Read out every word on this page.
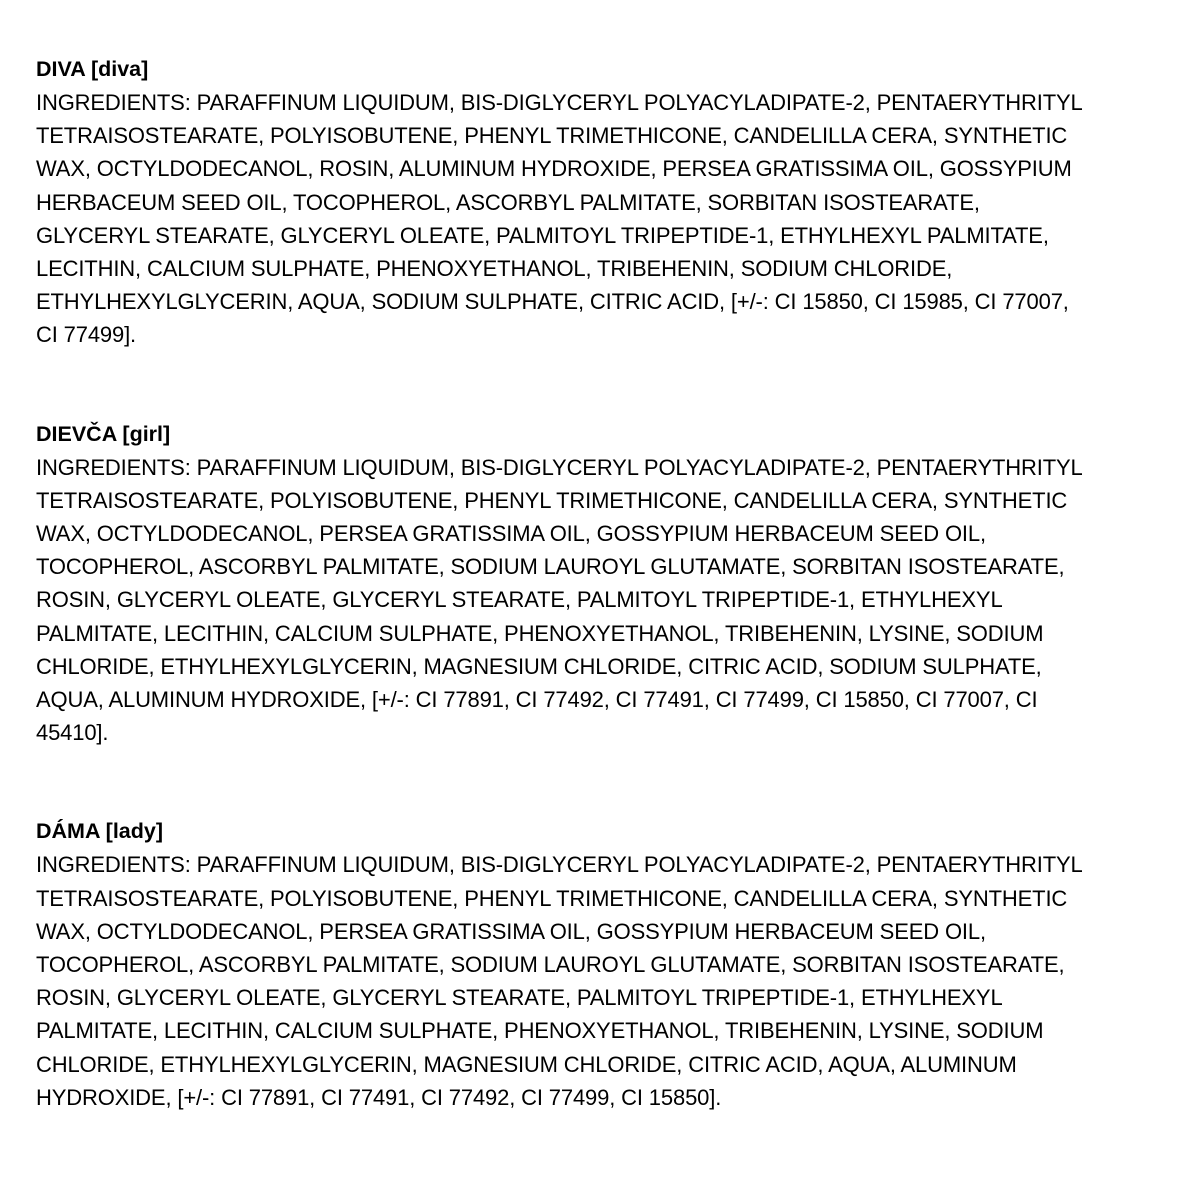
DIVA [diva]

INGREDIENTS: PARAFFINUM LIQUIDUM, BIS-DIGLYCERYL POLYACYLADIPATE-2, PENTAERYTHRITYL

TETRAISOSTEARATE, POLYISOBUTENE, PHENYL TRIMETHICONE, CANDELILLA CERA, SYNTHETIC

WAX, OCTYLDODECANOL, ROSIN, ALUMINUM HYDROXIDE, PERSEA GRATISSIMA OIL, GOSSYPIUM

HERBACEUM SEED OIL, TOCOPHEROL, ASCORBYL PALMITATE, SORBITAN ISOSTEARATE,

GLYCERYL STEARATE, GLYCERYL OLEATE, PALMITOYL TRIPEPTIDE-1, ETHYLHEXYL PALMITATE,

LECITHIN, CALCIUM SULPHATE, PHENOXYETHANOL, TRIBEHENIN, SODIUM CHLORIDE,

ETHYLHEXYLGLYCERIN, AQUA, SODIUM SULPHATE, CITRIC ACID, [+/-: CI 15850, CI 15985, CI 77007,

CI 77499].

DIEVČA [girl]

INGREDIENTS: PARAFFINUM LIQUIDUM, BIS-DIGLYCERYL POLYACYLADIPATE-2, PENTAERYTHRITYL

TETRAISOSTEARATE, POLYISOBUTENE, PHENYL TRIMETHICONE, CANDELILLA CERA, SYNTHETIC

WAX, OCTYLDODECANOL, PERSEA GRATISSIMA OIL, GOSSYPIUM HERBACEUM SEED OIL,

TOCOPHEROL, ASCORBYL PALMITATE, SODIUM LAUROYL GLUTAMATE, SORBITAN ISOSTEARATE,

ROSIN, GLYCERYL OLEATE, GLYCERYL STEARATE, PALMITOYL TRIPEPTIDE-1, ETHYLHEXYL

PALMITATE, LECITHIN, CALCIUM SULPHATE, PHENOXYETHANOL, TRIBEHENIN, LYSINE, SODIUM

CHLORIDE, ETHYLHEXYLGLYCERIN, MAGNESIUM CHLORIDE, CITRIC ACID, SODIUM SULPHATE,

AQUA, ALUMINUM HYDROXIDE, [+/-: CI 77891, CI 77492, CI 77491, CI 77499, CI 15850, CI 77007, CI

45410].

DÁMA [lady]

INGREDIENTS: PARAFFINUM LIQUIDUM, BIS-DIGLYCERYL POLYACYLADIPATE-2, PENTAERYTHRITYL

TETRAISOSTEARATE, POLYISOBUTENE, PHENYL TRIMETHICONE, CANDELILLA CERA, SYNTHETIC

WAX, OCTYLDODECANOL, PERSEA GRATISSIMA OIL, GOSSYPIUM HERBACEUM SEED OIL,

TOCOPHEROL, ASCORBYL PALMITATE, SODIUM LAUROYL GLUTAMATE, SORBITAN ISOSTEARATE,

ROSIN, GLYCERYL OLEATE, GLYCERYL STEARATE, PALMITOYL TRIPEPTIDE-1, ETHYLHEXYL

PALMITATE, LECITHIN, CALCIUM SULPHATE, PHENOXYETHANOL, TRIBEHENIN, LYSINE, SODIUM

CHLORIDE, ETHYLHEXYLGLYCERIN, MAGNESIUM CHLORIDE, CITRIC ACID, AQUA, ALUMINUM

HYDROXIDE, [+/-: CI 77891, CI 77491, CI 77492, CI 77499, CI 15850].
